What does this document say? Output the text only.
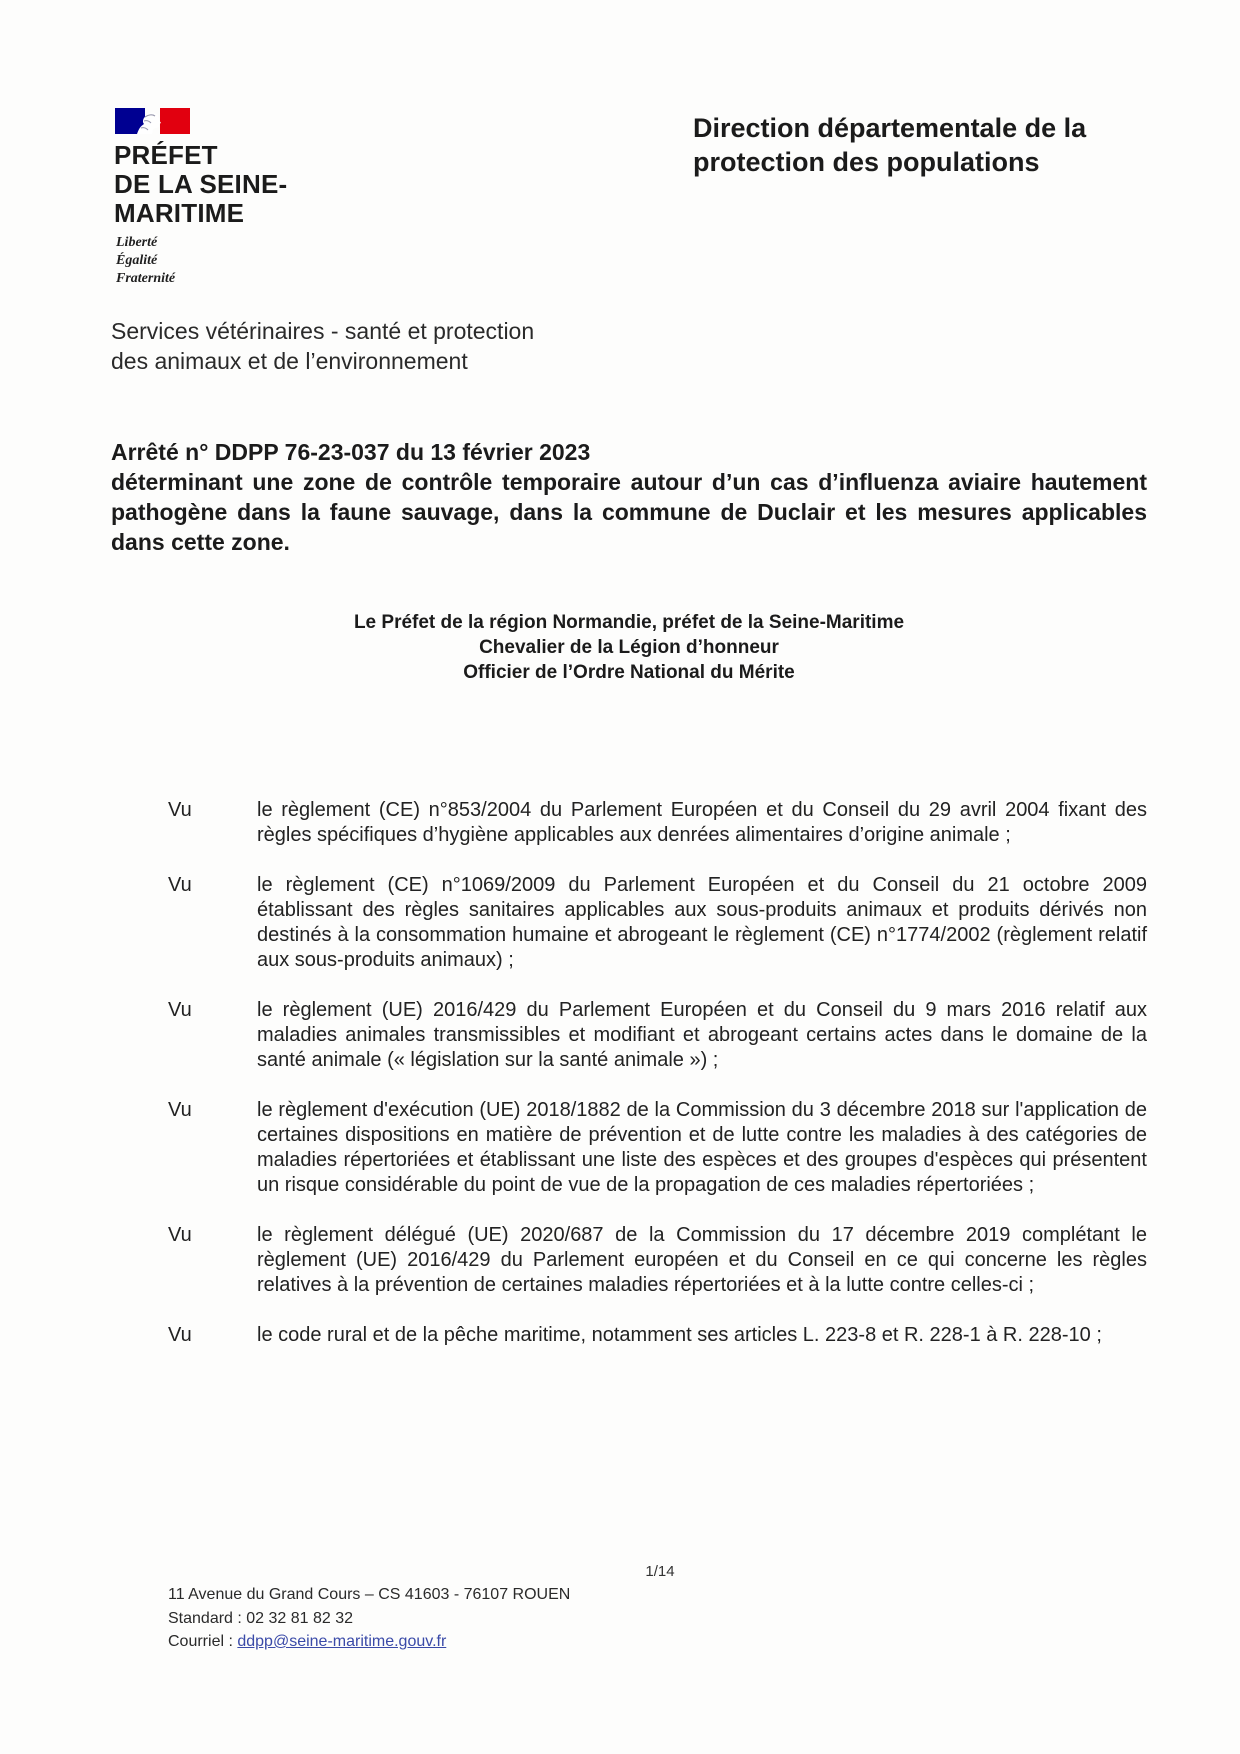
PRÉFET
DE LA SEINE-
MARITIME
Liberté
Égalité
Fraternité
Direction départementale de la
protection des populations
Services vétérinaires - santé et protection
des animaux et de l’environnement
Arrêté n° DDPP 76-23-037 du 13 février 2023
déterminant une zone de contrôle temporaire autour d’un cas d’influenza aviaire hautement pathogène dans la faune sauvage, dans la commune de Duclair et les mesures applicables dans cette zone.
Le Préfet de la région Normandie, préfet de la Seine-Maritime
Chevalier de la Légion d’honneur
Officier de l’Ordre National du Mérite
Vu	le règlement (CE) n°853/2004 du Parlement Européen et du Conseil du 29 avril 2004 fixant des règles spécifiques d’hygiène applicables aux denrées alimentaires d’origine animale ;
Vu	le règlement (CE) n°1069/2009 du Parlement Européen et du Conseil du 21 octobre 2009 établissant des règles sanitaires applicables aux sous-produits animaux et produits dérivés non destinés à la consommation humaine et abrogeant le règlement (CE) n°1774/2002 (règlement relatif aux sous-produits animaux) ;
Vu	le règlement (UE) 2016/429 du Parlement Européen et du Conseil du 9 mars 2016 relatif aux maladies animales transmissibles et modifiant et abrogeant certains actes dans le domaine de la santé animale (« législation sur la santé animale ») ;
Vu	le règlement d'exécution (UE) 2018/1882 de la Commission du 3 décembre 2018 sur l'application de certaines dispositions en matière de prévention et de lutte contre les maladies à des catégories de maladies répertoriées et établissant une liste des espèces et des groupes d'espèces qui présentent un risque considérable du point de vue de la propagation de ces maladies répertoriées ;
Vu	le règlement délégué (UE) 2020/687 de la Commission du 17 décembre 2019 complétant le règlement (UE) 2016/429 du Parlement européen et du Conseil en ce qui concerne les règles relatives à la prévention de certaines maladies répertoriées et à la lutte contre celles-ci ;
Vu	le code rural et de la pêche maritime, notamment ses articles L. 223-8 et R. 228-1 à R. 228-10 ;
1/14
11 Avenue du Grand Cours – CS 41603 - 76107 ROUEN
Standard : 02 32 81 82 32
Courriel : ddpp@seine-maritime.gouv.fr
